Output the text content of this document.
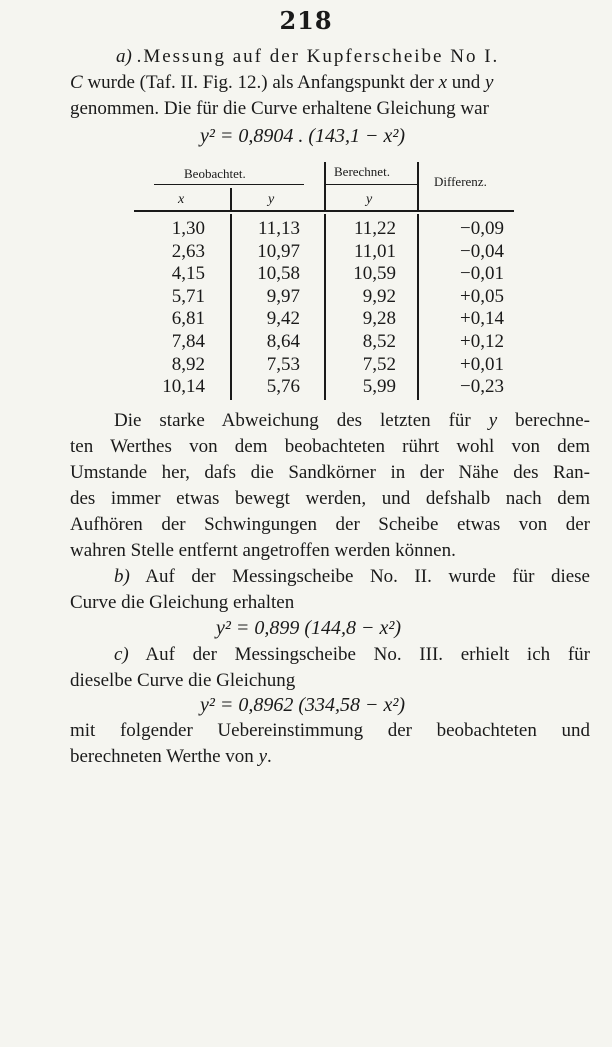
218
a) .Messung auf der Kupferscheibe No I.
C wurde (Taf. II. Fig. 12.) als Anfangspunkt der x und y
genommen. Die für die Curve erhaltene Gleichung war
y² = 0,8904 . (143,1 − x²)
Beobachtet.	Berechnet.
Differenz.
x	y	y
1,30	11,13	11,22	−0,09
2,63	10,97	11,01	−0,04
4,15	10,58	10,59	−0,01
5,71	9,97	9,92	+0,05
6,81	9,42	9,28	+0,14
7,84	8,64	8,52	+0,12
8,92	7,53	7,52	+0,01
10,14	5,76	5,99	−0,23
Die starke Abweichung des letzten für y berechne-
ten Werthes von dem beobachteten rührt wohl von dem
Umstande her, dafs die Sandkörner in der Nähe des Ran-
des immer etwas bewegt werden, und defshalb nach dem
Aufhören der Schwingungen der Scheibe etwas von der
wahren Stelle entfernt angetroffen werden können.
b) Auf der Messingscheibe No. II. wurde für diese
Curve die Gleichung erhalten
y² = 0,899 (144,8 − x²)
c) Auf der Messingscheibe No. III. erhielt ich für
dieselbe Curve die Gleichung
y² = 0,8962 (334,58 − x²)
mit folgender Uebereinstimmung der beobachteten und
berechneten Werthe von y.
